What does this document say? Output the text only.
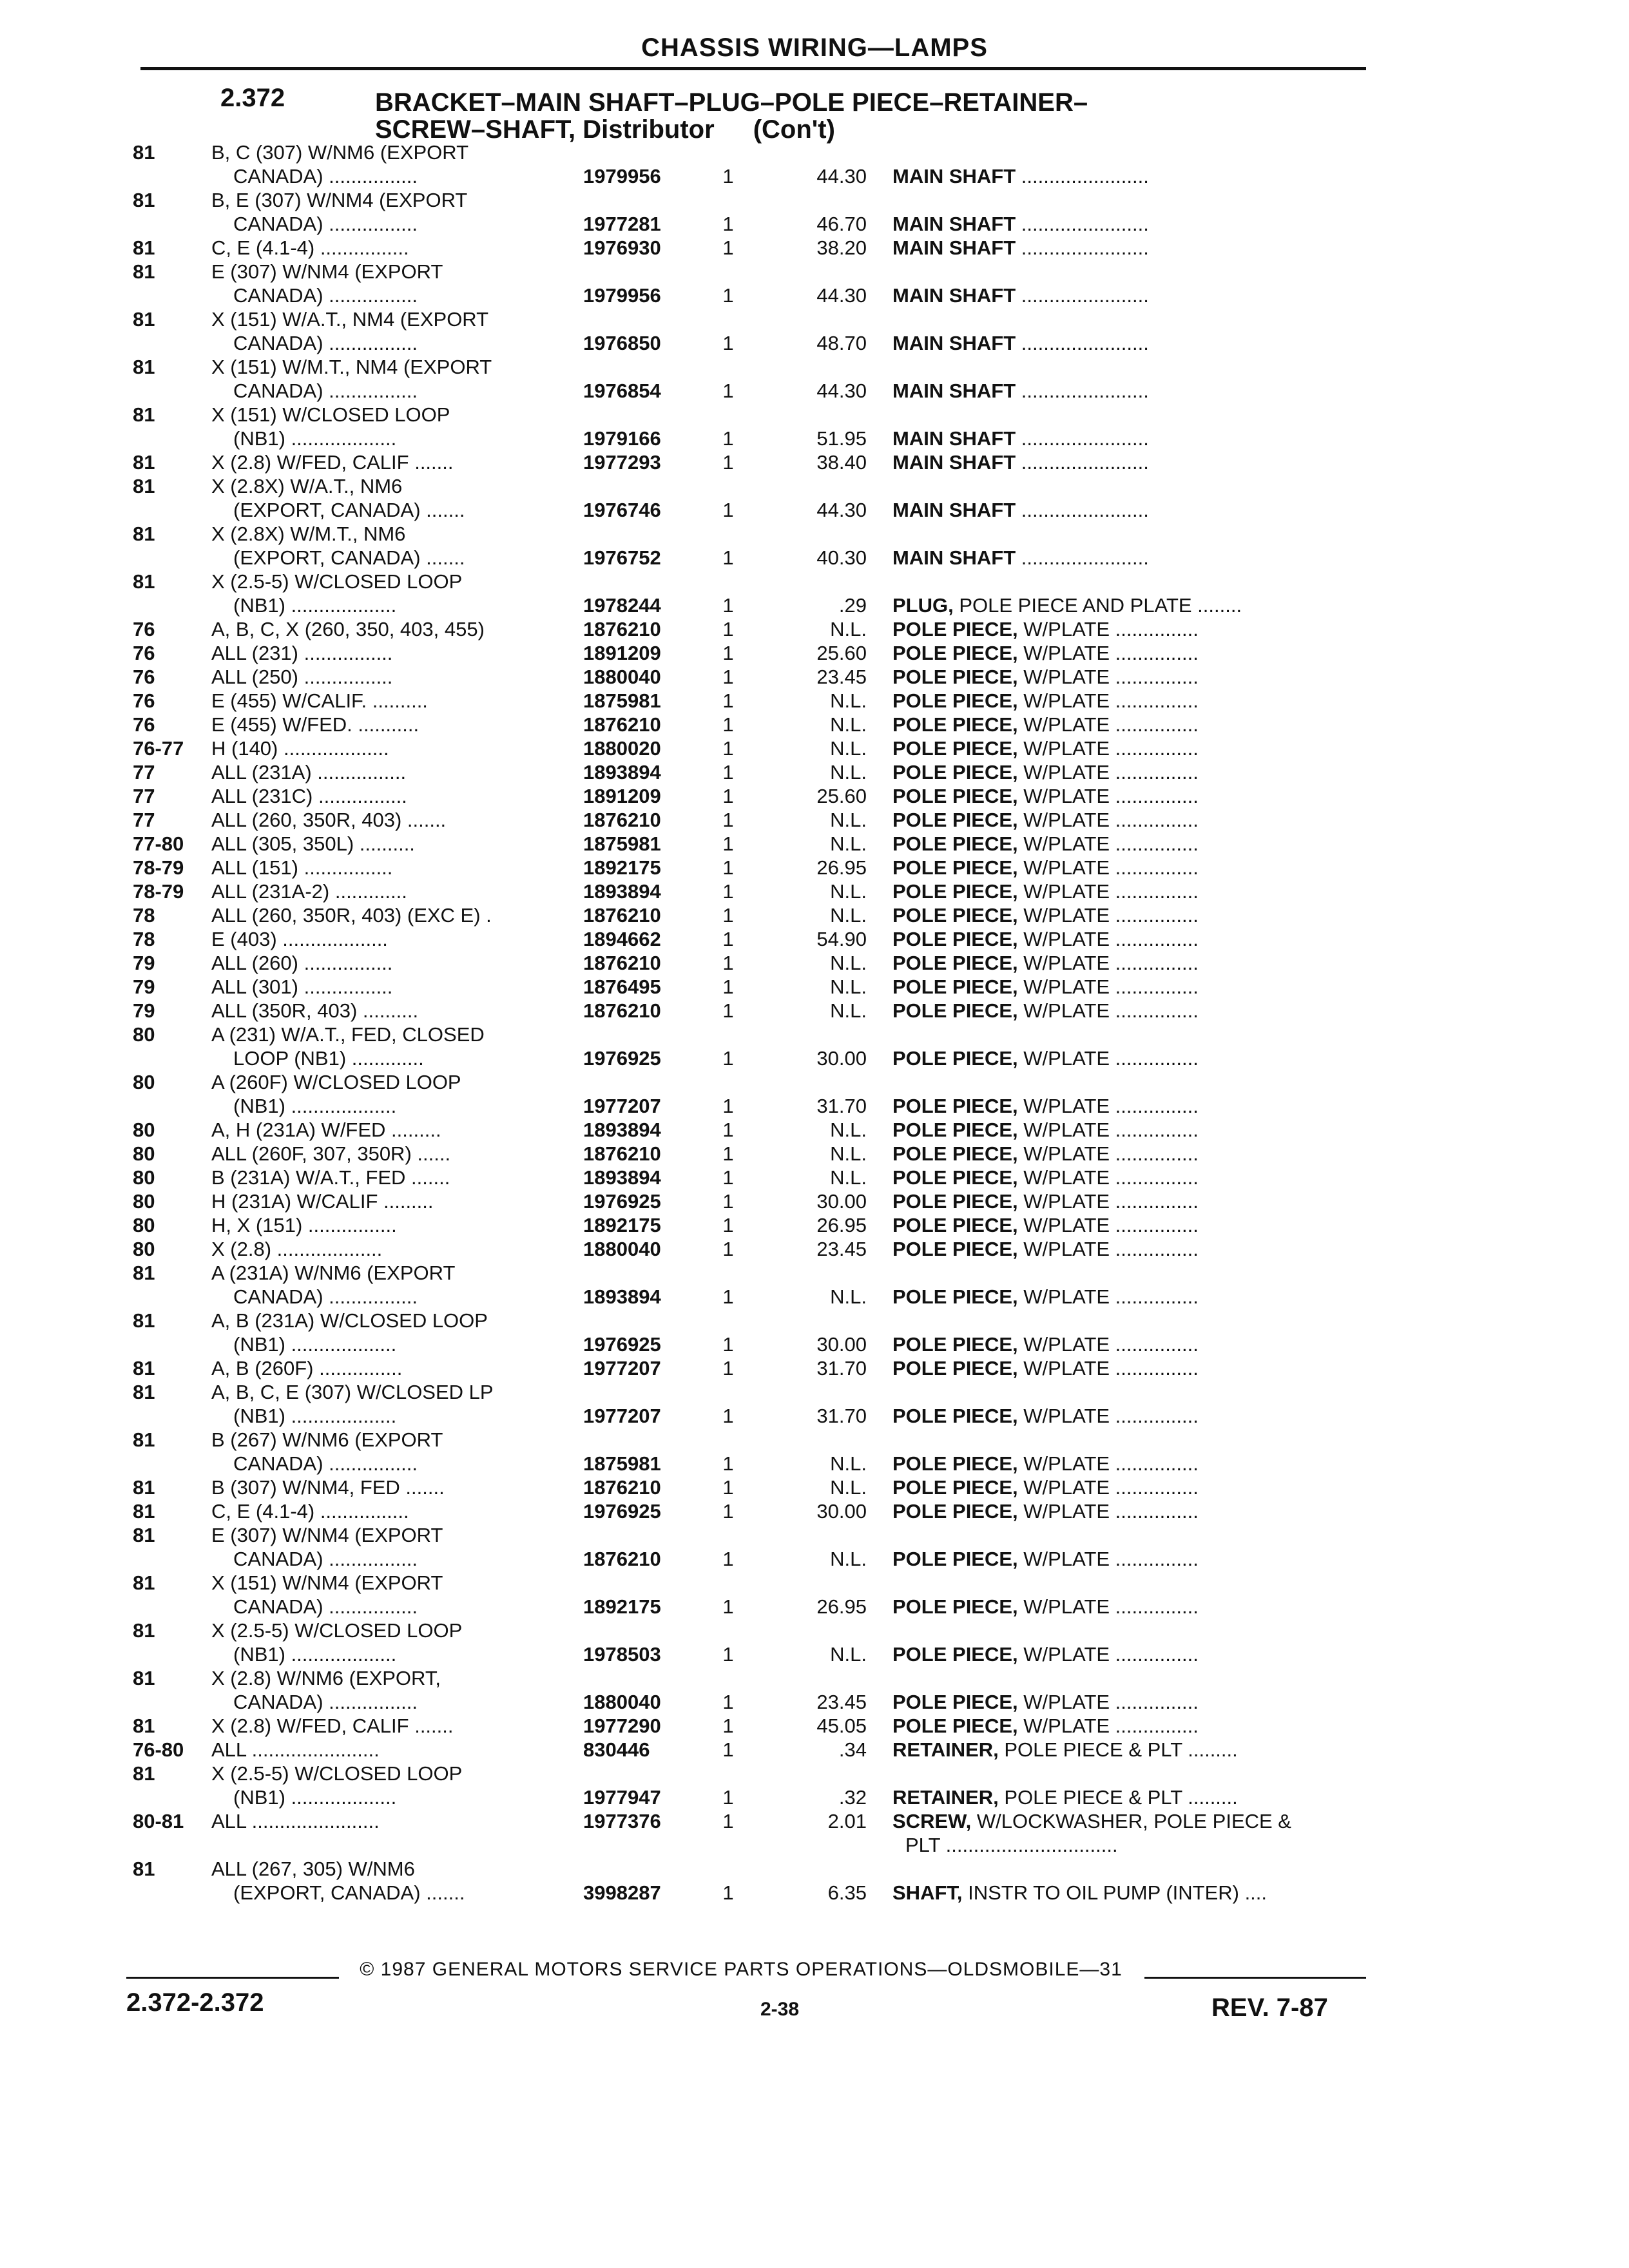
CHASSIS WIRING—LAMPS
2.372	BRACKET–MAIN SHAFT–PLUG–POLE PIECE–RETAINER–
SCREW–SHAFT, Distributor (Con't)
81	B, C (307) W/NM6 (EXPORT
CANADA) ................	1979956	1	44.30 MAIN SHAFT .......................
81	B, E (307) W/NM4 (EXPORT
CANADA) ................	1977281	1	46.70 MAIN SHAFT .......................
81	C, E (4.1-4) ................	1976930	1	38.20 MAIN SHAFT .......................
81	E (307) W/NM4 (EXPORT
CANADA) ................	1979956	1	44.30 MAIN SHAFT .......................
81	X (151) W/A.T., NM4 (EXPORT
CANADA) ................	1976850	1	48.70 MAIN SHAFT .......................
81	X (151) W/M.T., NM4 (EXPORT
CANADA) ................	1976854	1	44.30 MAIN SHAFT .......................
81	X (151) W/CLOSED LOOP
(NB1) ...................	1979166	1	51.95 MAIN SHAFT .......................
81	X (2.8) W/FED, CALIF .......	1977293	1	38.40 MAIN SHAFT .......................
81	X (2.8X) W/A.T., NM6
(EXPORT, CANADA) .......	1976746	1	44.30 MAIN SHAFT .......................
81	X (2.8X) W/M.T., NM6
(EXPORT, CANADA) .......	1976752	1	40.30 MAIN SHAFT .......................
81	X (2.5-5) W/CLOSED LOOP
(NB1) ...................	1978244	1	.29 PLUG, POLE PIECE AND PLATE ........
76	A, B, C, X (260, 350, 403, 455)	1876210	1	N.L. POLE PIECE, W/PLATE ...............
76	ALL (231) ................	1891209	1	25.60 POLE PIECE, W/PLATE ...............
76	ALL (250) ................	1880040	1	23.45 POLE PIECE, W/PLATE ...............
76	E (455) W/CALIF. ..........	1875981	1	N.L. POLE PIECE, W/PLATE ...............
76	E (455) W/FED. ...........	1876210	1	N.L. POLE PIECE, W/PLATE ...............
76-77	H (140) ...................	1880020	1	N.L. POLE PIECE, W/PLATE ...............
77	ALL (231A) ................	1893894	1	N.L. POLE PIECE, W/PLATE ...............
77	ALL (231C) ................	1891209	1	25.60 POLE PIECE, W/PLATE ...............
77	ALL (260, 350R, 403) .......	1876210	1	N.L. POLE PIECE, W/PLATE ...............
77-80	ALL (305, 350L) ..........	1875981	1	N.L. POLE PIECE, W/PLATE ...............
78-79	ALL (151) ................	1892175	1	26.95 POLE PIECE, W/PLATE ...............
78-79	ALL (231A-2) .............	1893894	1	N.L. POLE PIECE, W/PLATE ...............
78	ALL (260, 350R, 403) (EXC E) .	1876210	1	N.L. POLE PIECE, W/PLATE ...............
78	E (403) ...................	1894662	1	54.90 POLE PIECE, W/PLATE ...............
79	ALL (260) ................	1876210	1	N.L. POLE PIECE, W/PLATE ...............
79	ALL (301) ................	1876495	1	N.L. POLE PIECE, W/PLATE ...............
79	ALL (350R, 403) ..........	1876210	1	N.L. POLE PIECE, W/PLATE ...............
80	A (231) W/A.T., FED, CLOSED
LOOP (NB1) .............	1976925	1	30.00 POLE PIECE, W/PLATE ...............
80	A (260F) W/CLOSED LOOP
(NB1) ...................	1977207	1	31.70 POLE PIECE, W/PLATE ...............
80	A, H (231A) W/FED .........	1893894	1	N.L. POLE PIECE, W/PLATE ...............
80	ALL (260F, 307, 350R) ......	1876210	1	N.L. POLE PIECE, W/PLATE ...............
80	B (231A) W/A.T., FED .......	1893894	1	N.L. POLE PIECE, W/PLATE ...............
80	H (231A) W/CALIF .........	1976925	1	30.00 POLE PIECE, W/PLATE ...............
80	H, X (151) ................	1892175	1	26.95 POLE PIECE, W/PLATE ...............
80	X (2.8) ...................	1880040	1	23.45 POLE PIECE, W/PLATE ...............
81	A (231A) W/NM6 (EXPORT
CANADA) ................	1893894	1	N.L. POLE PIECE, W/PLATE ...............
81	A, B (231A) W/CLOSED LOOP
(NB1) ...................	1976925	1	30.00 POLE PIECE, W/PLATE ...............
81	A, B (260F) ...............	1977207	1	31.70 POLE PIECE, W/PLATE ...............
81	A, B, C, E (307) W/CLOSED LP
(NB1) ...................	1977207	1	31.70 POLE PIECE, W/PLATE ...............
81	B (267) W/NM6 (EXPORT
CANADA) ................	1875981	1	N.L. POLE PIECE, W/PLATE ...............
81	B (307) W/NM4, FED .......	1876210	1	N.L. POLE PIECE, W/PLATE ...............
81	C, E (4.1-4) ................	1976925	1	30.00 POLE PIECE, W/PLATE ...............
81	E (307) W/NM4 (EXPORT
CANADA) ................	1876210	1	N.L. POLE PIECE, W/PLATE ...............
81	X (151) W/NM4 (EXPORT
CANADA) ................	1892175	1	26.95 POLE PIECE, W/PLATE ...............
81	X (2.5-5) W/CLOSED LOOP
(NB1) ...................	1978503	1	N.L. POLE PIECE, W/PLATE ...............
81	X (2.8) W/NM6 (EXPORT,
CANADA) ................	1880040	1	23.45 POLE PIECE, W/PLATE ...............
81	X (2.8) W/FED, CALIF .......	1977290	1	45.05 POLE PIECE, W/PLATE ...............
76-80	ALL .......................	830446	1	.34 RETAINER, POLE PIECE & PLT .........
81	X (2.5-5) W/CLOSED LOOP
(NB1) ...................	1977947	1	.32 RETAINER, POLE PIECE & PLT .........
80-81	ALL .......................	1977376	1	2.01 SCREW, W/LOCKWASHER, POLE PIECE &
PLT ...............................
81	ALL (267, 305) W/NM6
(EXPORT, CANADA) .......	3998287	1	6.35 SHAFT, INSTR TO OIL PUMP (INTER) ....
© 1987 GENERAL MOTORS SERVICE PARTS OPERATIONS—OLDSMOBILE—31
2.372-2.372	2-38	REV. 7-87
